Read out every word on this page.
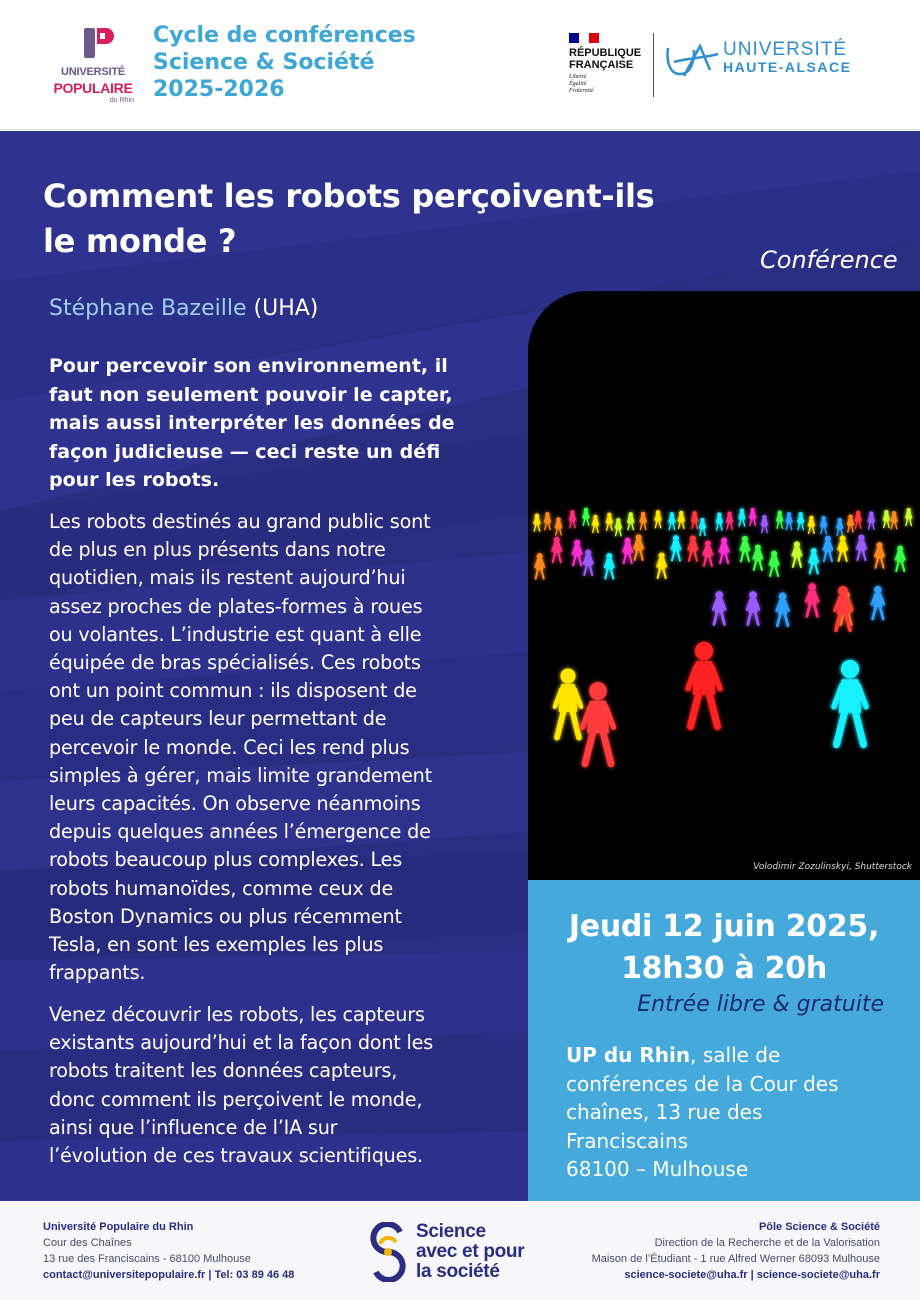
UNIVERSITÉ
POPULAIRE
du Rhin
Cycle de conférences
Science & Société
2025-2026
RÉPUBLIQUE
FRANÇAISE
Liberté
Égalité
Fraternité
UNIVERSITÉ
HAUTE-ALSACE
Comment les robots perçoivent-ils
le monde ?	Conférence
Stéphane Bazeille (UHA)
Pour percevoir son environnement, il
faut non seulement pouvoir le capter,
mais aussi interpréter les données de
façon judicieuse — ceci reste un défi
pour les robots.
Les robots destinés au grand public sont
de plus en plus présents dans notre
quotidien, mais ils restent aujourd’hui
assez proches de plates-formes à roues
ou volantes. L’industrie est quant à elle
équipée de bras spécialisés. Ces robots
ont un point commun : ils disposent de
peu de capteurs leur permettant de
percevoir le monde. Ceci les rend plus
simples à gérer, mais limite grandement
leurs capacités. On observe néanmoins
depuis quelques années l’émergence de
robots beaucoup plus complexes. Les
robots humanoïdes, comme ceux de
Boston Dynamics ou plus récemment
Tesla, en sont les exemples les plus
frappants.
Venez découvrir les robots, les capteurs
existants aujourd’hui et la façon dont les
robots traitent les données capteurs,
donc comment ils perçoivent le monde,
ainsi que l’influence de l’IA sur
l’évolution de ces travaux scientifiques.
Volodimir Zozulinskyi, Shutterstock
Jeudi 12 juin 2025,
18h30 à 20h
Entrée libre & gratuite
UP du Rhin, salle de
conférences de la Cour des
chaînes, 13 rue des
Franciscains
68100 – Mulhouse
Université Populaire du Rhin
Cour des Chaînes
13 rue des Franciscains - 68100 Mulhouse
contact@universitepopulaire.fr | Tel: 03 89 46 48
Science
avec et pour
la société
Pôle Science & Société
Direction de la Recherche et de la Valorisation
Maison de l’Étudiant - 1 rue Alfred Werner 68093 Mulhouse
science-societe@uha.fr | science-societe@uha.fr
